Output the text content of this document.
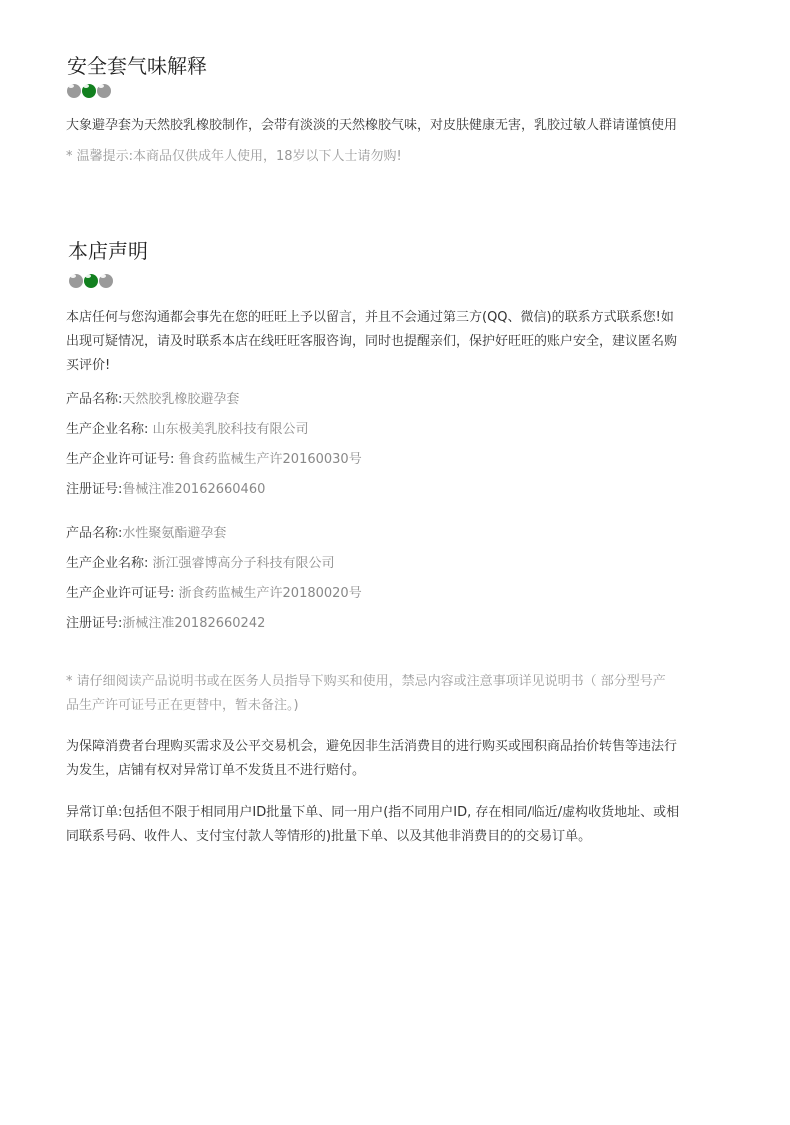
安全套气味解释
大象避孕套为天然胶乳橡胶制作，会带有淡淡的天然橡胶气味，对皮肤健康无害，乳胶过敏人群请谨慎使用
* 温馨提示:本商品仅供成年人使用，18岁以下人士请勿购!
本店声明
本店任何与您沟通都会事先在您的旺旺上予以留言，并且不会通过第三方(QQ、微信)的联系方式联系您!如
出现可疑情况，请及时联系本店在线旺旺客服咨询，同时也提醒亲们，保护好旺旺的账户安全，建议匿名购
买评价!
产品名称:天然胶乳橡胶避孕套
生产企业名称: 山东极美乳胶科技有限公司
生产企业许可证号: 鲁食药监械生产许20160030号
注册证号:鲁械注准20162660460
产品名称:水性聚氨酯避孕套
生产企业名称: 浙江强睿博高分子科技有限公司
生产企业许可证号: 浙食药监械生产许20180020号
注册证号:浙械注准20182660242
* 请仔细阅读产品说明书或在医务人员指导下购买和使用，禁忌内容或注意事项详见说明书（ 部分型号产
品生产许可证号正在更替中，暂未备注。)
为保障消费者台理购买需求及公平交易机会，避免因非生活消费目的进行购买或囤积商品抬价转售等违法行
为发生，店铺有权对异常订单不发货且不进行赔付。
异常订单:包括但不限于相同用户ID批量下单、同一用户(指不同用户ID, 存在相同/临近/虚构收货地址、或相
同联系号码、收件人、支付宝付款人等情形的)批量下单、以及其他非消费目的的交易订单。
